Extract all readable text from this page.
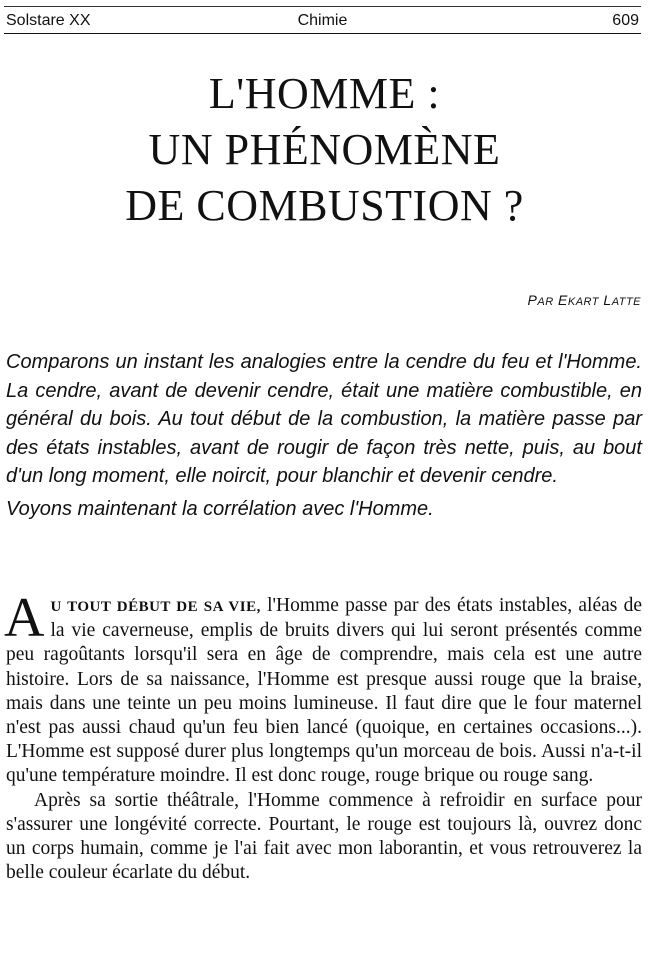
Solstare XX	Chimie	609
L'HOMME :
UN PHÉNOMÈNE
DE COMBUSTION ?
PAR EKART LATTE

Comparons un instant les analogies entre la cendre du feu et l'Homme. La cendre, avant de devenir cendre, était une matière combustible, en général du bois. Au tout début de la combustion, la matière passe par des états instables, avant de rougir de façon très nette, puis, au bout d'un long moment, elle noircit, pour blanchir et devenir cendre.

Voyons maintenant la corrélation avec l'Homme.

A U TOUT DÉBUT DE SA VIE, l'Homme passe par des états instables, aléas de la vie caverneuse, emplis de bruits divers qui lui seront présentés comme peu ragoûtants lorsqu'il sera en âge de comprendre, mais cela est une autre histoire. Lors de sa naissance, l'Homme est presque aussi rouge que la braise, mais dans une teinte un peu moins lumineuse. Il faut dire que le four maternel n'est pas aussi chaud qu'un feu bien lancé (quoique, en certaines occasions...). L'Homme est supposé durer plus longtemps qu'un morceau de bois. Aussi n'a-t-il qu'une température moindre. Il est donc rouge, rouge brique ou rouge sang.

Après sa sortie théâtrale, l'Homme commence à refroidir en surface pour s'assurer une longévité correcte. Pourtant, le rouge est toujours là, ouvrez donc un corps humain, comme je l'ai fait avec mon laborantin, et vous retrouverez la belle couleur écarlate du début.
